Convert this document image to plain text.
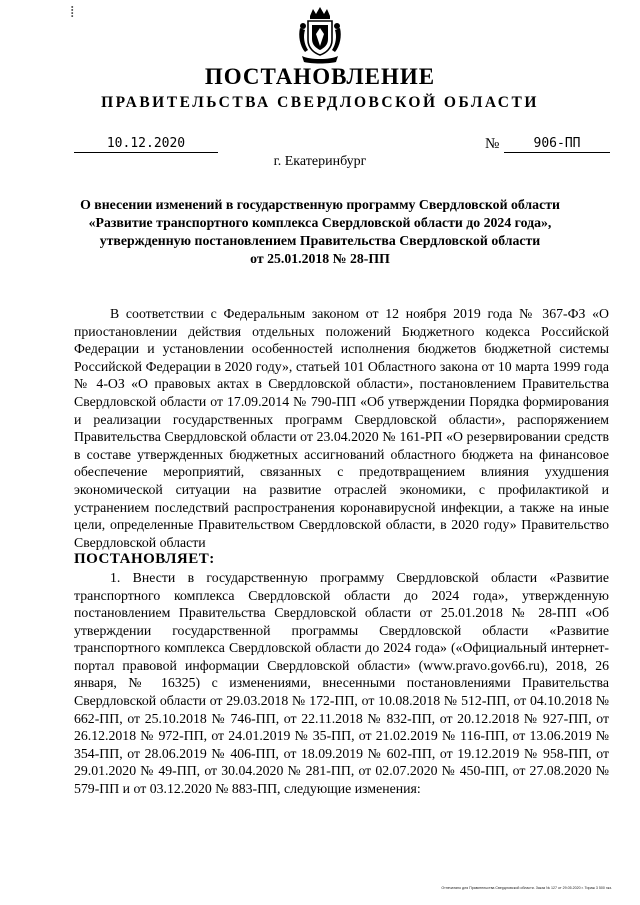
⁞
ПОСТАНОВЛЕНИЕ
ПРАВИТЕЛЬСТВА СВЕРДЛОВСКОЙ ОБЛАСТИ
10.12.2020	№	906-ПП
г. Екатеринбург
О внесении изменений в государственную программу Свердловской области
«Развитие транспортного комплекса Свердловской области до 2024 года»,
утвержденную постановлением Правительства Свердловской области
от 25.01.2018 № 28-ПП

В соответствии с Федеральным законом от 12 ноября 2019 года № 367-ФЗ «О приостановлении действия отдельных положений Бюджетного кодекса Российской Федерации и установлении особенностей исполнения бюджетов бюджетной системы Российской Федерации в 2020 году», статьей 101 Областного закона от 10 марта 1999 года № 4-ОЗ «О правовых актах в Свердловской области», постановлением Правительства Свердловской области от 17.09.2014 № 790-ПП «Об утверждении Порядка формирования и реализации государственных программ Свердловской области», распоряжением Правительства Свердловской области от 23.04.2020 № 161-РП «О резервировании средств в составе утвержденных бюджетных ассигнований областного бюджета на финансовое обеспечение мероприятий, связанных с предотвращением влияния ухудшения экономической ситуации на развитие отраслей экономики, с профилактикой и устранением последствий распространения коронавирусной инфекции, а также на иные цели, определенные Правительством Свердловской области, в 2020 году» Правительство Свердловской области

ПОСТАНОВЛЯЕТ:

1. Внести в государственную программу Свердловской области «Развитие транспортного комплекса Свердловской области до 2024 года», утвержденную постановлением Правительства Свердловской области от 25.01.2018 № 28-ПП «Об утверждении государственной программы Свердловской области «Развитие транспортного комплекса Свердловской области до 2024 года» («Официальный интернет-портал правовой информации Свердловской области» (www.pravo.gov66.ru), 2018, 26 января, № 16325) с изменениями, внесенными постановлениями Правительства Свердловской области от 29.03.2018 № 172-ПП, от 10.08.2018 № 512-ПП, от 04.10.2018 № 662-ПП, от 25.10.2018 № 746-ПП, от 22.11.2018 № 832-ПП, от 20.12.2018 № 927-ПП, от 26.12.2018 № 972-ПП, от 24.01.2019 № 35-ПП, от 21.02.2019 № 116-ПП, от 13.06.2019 № 354-ПП, от 28.06.2019 № 406-ПП, от 18.09.2019 № 602-ПП, от 19.12.2019 № 958-ПП, от 29.01.2020 № 49-ПП, от 30.04.2020 № 281-ПП, от 02.07.2020 № 450-ПП, от 27.08.2020 № 579-ПП и от 03.12.2020 № 883-ПП, следующие изменения:

Отпечатано для Правительства Свердловской области. Заказ № 127 от 29.05.2020 г. Тираж 3 500 экз.
